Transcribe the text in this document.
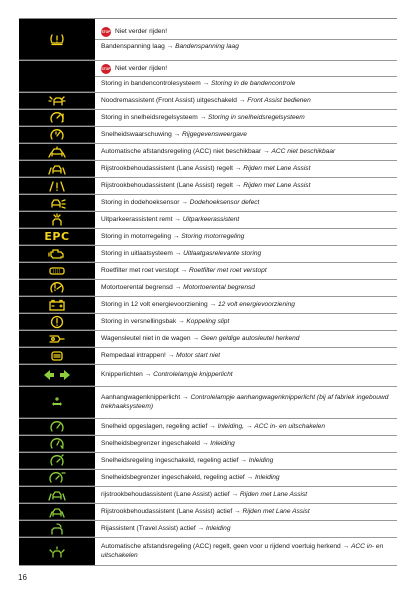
STOP Niet verder rijden!
Bandenspanning laag → Bandenspanning laag
STOP Niet verder rijden!
Storing in bandencontrolesysteem → Storing in de bandencontrole
Noodremassistent (Front Assist) uitgeschakeld → Front Assist bedienen
Storing in snelheidsregelsysteem → Storing in snelheidsregelsysteem
Snelheidswaarschuwing → Rijgegevensweergave
Automatische afstandsregeling (ACC) niet beschikbaar → ACC niet beschikbaar
Rijstrookbehoudassistent (Lane Assist) regelt → Rijden met Lane Assist
Rijstrookbehoudassistent (Lane Assist) regelt → Rijden met Lane Assist
Storing in dodehoeksensor → Dodehoeksensor defect
Uitparkeerassistent remt → Uitparkeerassistent
EPC	Storing in motorregeling → Storing motorregeling
Storing in uitlaatsysteem → Uitlaatgasrelevante storing
Roetfilter met roet verstopt → Roetfilter met roet verstopt
Motortoerental begrensd → Motortoerental begrensd
Storing in 12 volt energievoorziening → 12 volt energievoorziening
Storing in versnellingsbak → Koppeling slipt
Wagensleutel niet in de wagen → Geen geldige autosleutel herkend
Rempedaal intrappen! → Motor start niet
Knipperlichten → Controlelampje knipperlicht
Aanhangwagenknipperlicht → Controlelampje aanhangwagenknipperlicht (bij af fabriek ingebouwd trekhaaksysteem)
Snelheid opgeslagen, regeling actief → Inleiding, → ACC in- en uitschakelen
Snelheidsbegrenzer ingeschakeld → Inleiding
Snelheidsregeling ingeschakeld, regeling actief → Inleiding
Snelheidsbegrenzer ingeschakeld, regeling actief → Inleiding
rijstrookbehoudassistent (Lane Assist) actief → Rijden met Lane Assist
Rijstrookbehoudassistent (Lane Assist) actief → Rijden met Lane Assist
Rijassistent (Travel Assist) actief → Inleiding
Automatische afstandsregeling (ACC) regelt, geen voor u rijdend voertuig herkend → ACC in- en uitschakelen
16
